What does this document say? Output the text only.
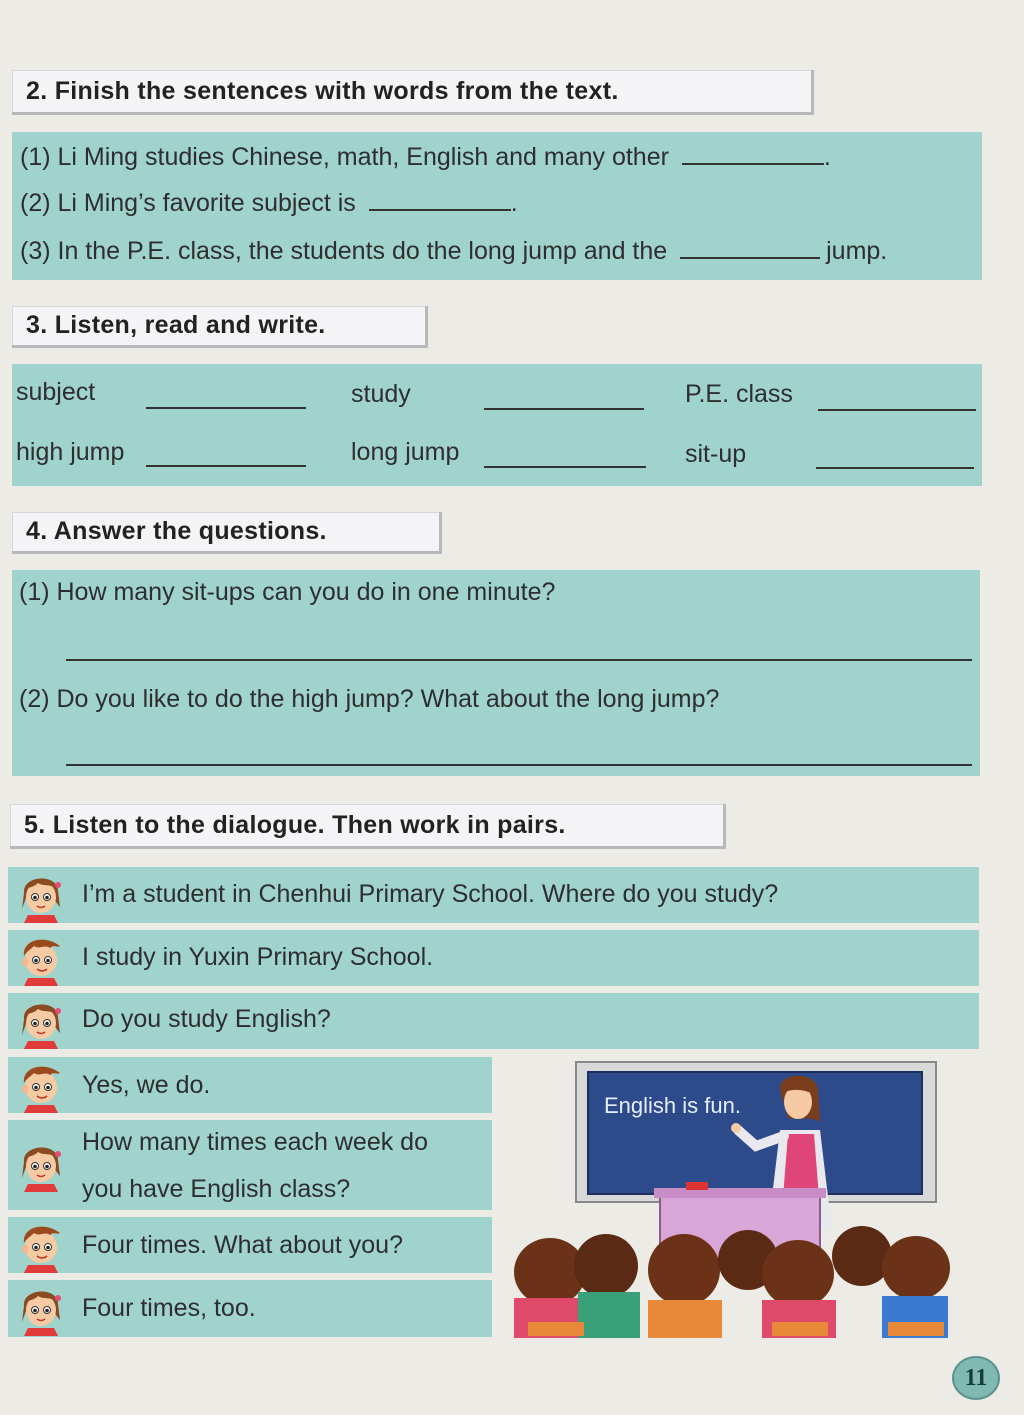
2. Finish the sentences with words from the text.
(1) Li Ming studies Chinese, math, English and many other	.
(2) Li Ming’s favorite subject is	.
(3) In the P.E. class, the students do the long jump and the	jump.
3. Listen, read and write.
subject	study	P.E. class
high jump	long jump	sit-up
4. Answer the questions.
(1) How many sit-ups can you do in one minute?
(2) Do you like to do the high jump? What about the long jump?
5. Listen to the dialogue. Then work in pairs.
I’m a student in Chenhui Primary School. Where do you study?
I study in Yuxin Primary School.
Do you study English?
Yes, we do.
How many times each week do
you have English class?
Four times. What about you?
Four times, too.
English is fun.
11
